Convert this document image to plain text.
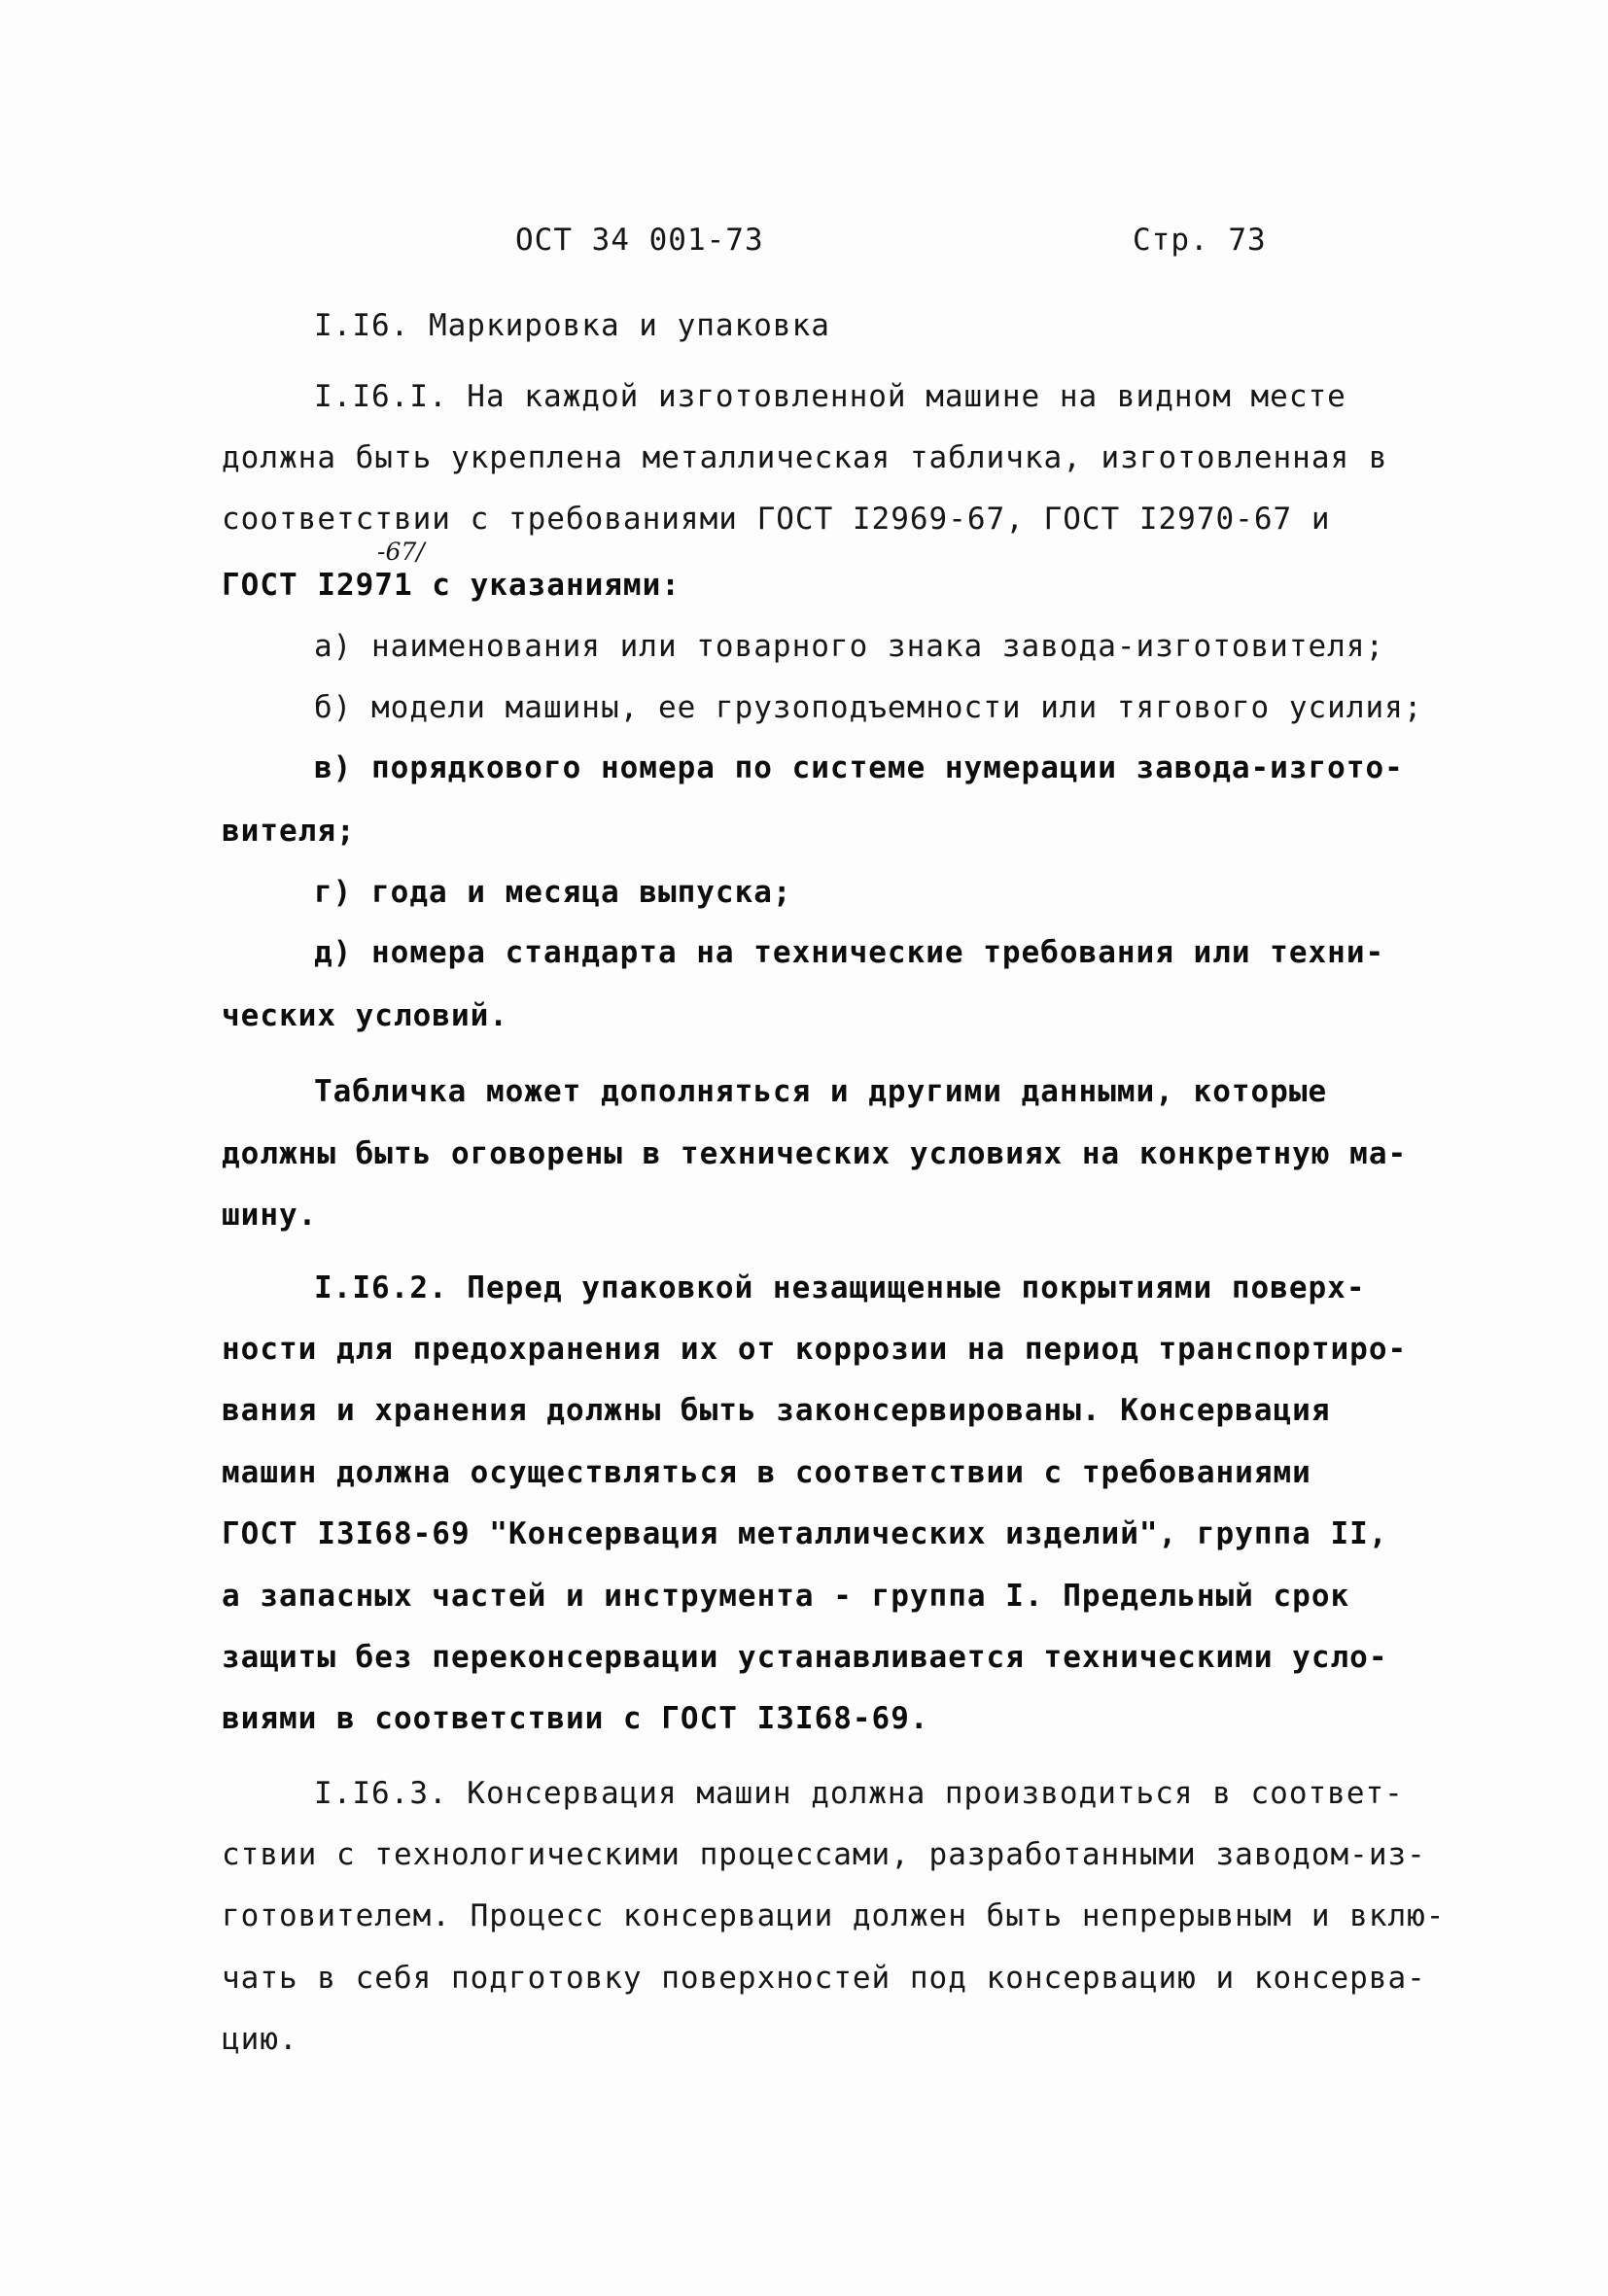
ОСТ 34 001-73	Стр. 73
I.I6. Маркировка и упаковка
I.I6.I. На каждой изготовленной машине на видном месте
должна быть укреплена металлическая табличка, изготовленная в
соответствии с требованиями ГОСТ I2969-67, ГОСТ I2970-67 и
-67/
ГОСТ I2971 с указаниями:
а) наименования или товарного знака завода-изготовителя;
б) модели машины, ее грузоподъемности или тягового усилия;
в) порядкового номера по системе нумерации завода-изгото-
вителя;
г) года и месяца выпуска;
д) номера стандарта на технические требования или техни-
ческих условий.
Табличка может дополняться и другими данными, которые
должны быть оговорены в технических условиях на конкретную ма-
шину.
I.I6.2. Перед упаковкой незащищенные покрытиями поверх-
ности для предохранения их от коррозии на период транспортиро-
вания и хранения должны быть законсервированы. Консервация
машин должна осуществляться в соответствии с требованиями
ГОСТ I3I68-69 "Консервация металлических изделий", группа II,
а запасных частей и инструмента - группа I. Предельный срок
защиты без переконсервации устанавливается техническими усло-
виями в соответствии с ГОСТ I3I68-69.
I.I6.3. Консервация машин должна производиться в соответ-
ствии с технологическими процессами, разработанными заводом-из-
готовителем. Процесс консервации должен быть непрерывным и вклю-
чать в себя подготовку поверхностей под консервацию и консерва-
цию.
